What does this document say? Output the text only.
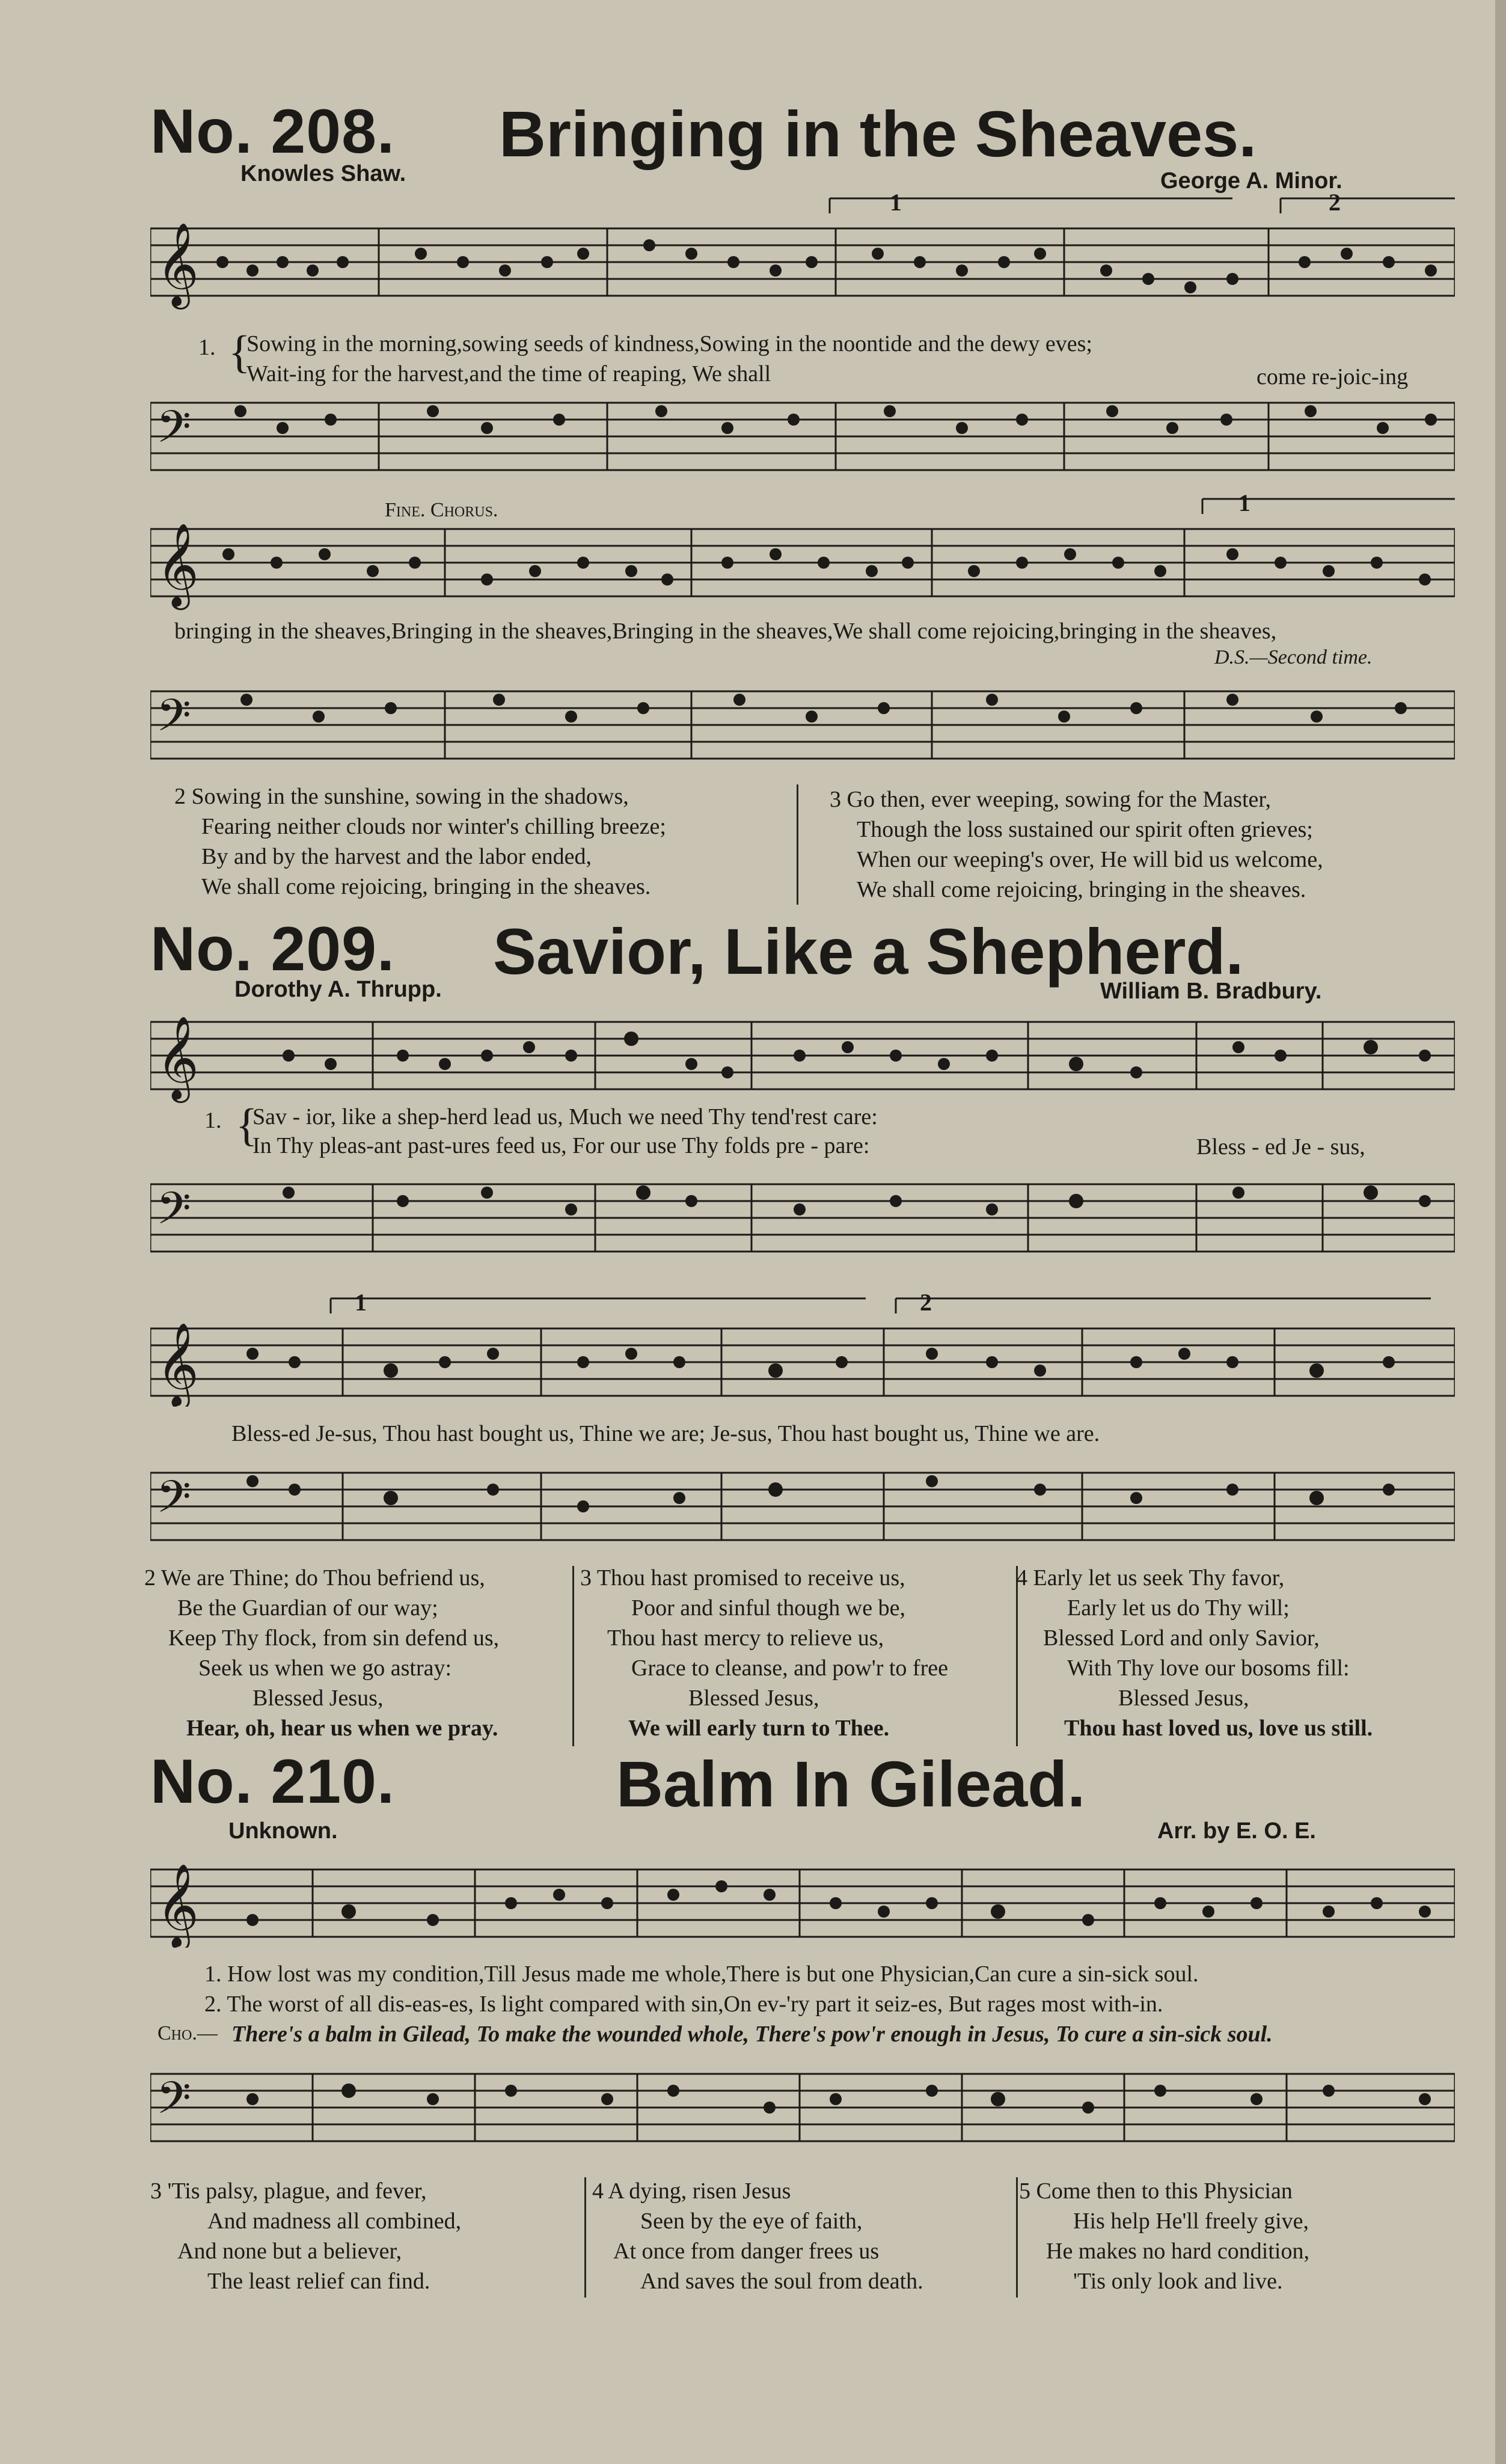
No. 208. Bringing in the Sheaves.
Knowles Shaw.	George A. Minor.
1	2
𝄞
1. {
Sowing in the morning,sowing seeds of kindness,Sowing in the noontide and the dewy eves;
Wait-ing for the harvest,and the time of reaping, We shall	come re-joic-ing
𝄢
1
𝄞
Fine. Chorus.
bringing in the sheaves,Bringing in the sheaves,Bringing in the sheaves,We shall come rejoicing,bringing in the sheaves,
D.S.—Second time.
𝄢
2 Sowing in the sunshine, sowing in the shadows,
Fearing neither clouds nor winter's chilling breeze;
By and by the harvest and the labor ended,
We shall come rejoicing, bringing in the sheaves.
3 Go then, ever weeping, sowing for the Master,
Though the loss sustained our spirit often grieves;
When our weeping's over, He will bid us welcome,
We shall come rejoicing, bringing in the sheaves.
No. 209. Savior, Like a Shepherd.
Dorothy A. Thrupp.	William B. Bradbury.
𝄞
1. {
Sav - ior, like a shep-herd lead us, Much we need Thy tend'rest care:
In Thy pleas-ant past-ures feed us, For our use Thy folds pre - pare:	Bless - ed Je - sus,
𝄢
1	2
𝄞
Bless-ed Je-sus, Thou hast bought us, Thine we are; Je-sus, Thou hast bought us, Thine we are.
𝄢
2 We are Thine; do Thou befriend us,
Be the Guardian of our way;
Keep Thy flock, from sin defend us,
Seek us when we go astray:
Blessed Jesus,
Hear, oh, hear us when we pray.
3 Thou hast promised to receive us,
Poor and sinful though we be,
Thou hast mercy to relieve us,
Grace to cleanse, and pow'r to free
Blessed Jesus,
We will early turn to Thee.
4 Early let us seek Thy favor,
Early let us do Thy will;
Blessed Lord and only Savior,
With Thy love our bosoms fill:
Blessed Jesus,
Thou hast loved us, love us still.
No. 210.	Balm In Gilead.
Unknown.	Arr. by E. O. E.
𝄞
1. How lost was my condition,Till Jesus made me whole,There is but one Physician,Can cure a sin-sick soul.
2. The worst of all dis-eas-es, Is light compared with sin,On ev-'ry part it seiz-es, But rages most with-in.
Cho.— There's a balm in Gilead, To make the wounded whole, There's pow'r enough in Jesus, To cure a sin-sick soul.
𝄢
3 'Tis palsy, plague, and fever,
And madness all combined,
And none but a believer,
The least relief can find.
4 A dying, risen Jesus
Seen by the eye of faith,
At once from danger frees us
And saves the soul from death.
5 Come then to this Physician
His help He'll freely give,
He makes no hard condition,
'Tis only look and live.
